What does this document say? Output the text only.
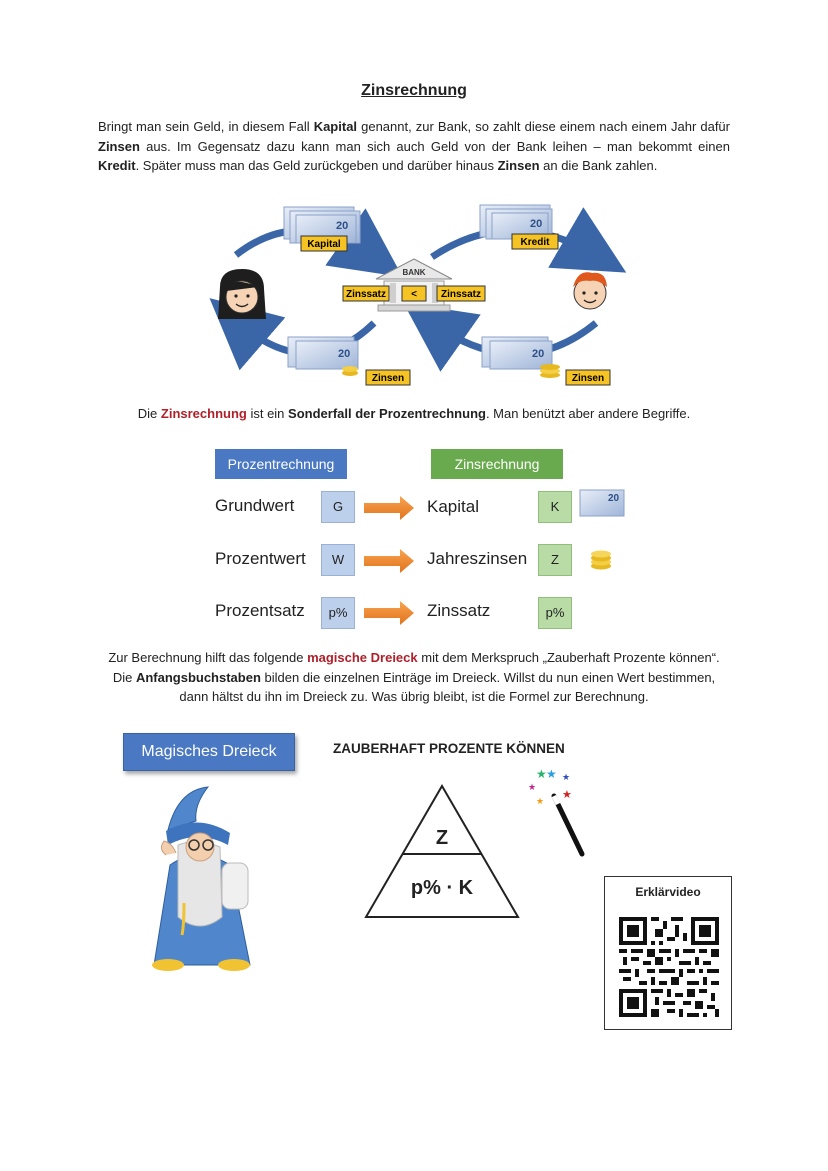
Zinsrechnung
Bringt man sein Geld, in diesem Fall Kapital genannt, zur Bank, so zahlt diese einem nach einem Jahr dafür Zinsen aus. Im Gegensatz dazu kann man sich auch Geld von der Bank leihen – man bekommt einen Kredit. Später muss man das Geld zurückgeben und darüber hinaus Zinsen an die Bank zahlen.
20
Kapital
20
Kredit
20
Zinsen
20
Zinsen
BANK
Zinssatz	< Zinssatz
Die Zinsrechnung ist ein Sonderfall der Prozentrechnung. Man benützt aber andere Begriffe.
Prozentrechnung	Zinsrechnung
Grundwert	G	Kapital	K
Prozentwert	W	Jahreszinsen	Z
Prozentsatz	p%	Zinssatz	p%
20
Zur Berechnung hilft das folgende magische Dreieck mit dem Merkspruch „Zauberhaft Prozente können“. Die Anfangsbuchstaben bilden die einzelnen Einträge im Dreieck. Willst du nun einen Wert bestimmen, dann hältst du ihn im Dreieck zu. Was übrig bleibt, ist die Formel zur Berechnung.
Magisches Dreieck	ZAUBERHAFT PROZENTE KÖNNEN
Z
p% · K
★ ★ ★
★ ★
★
Erklärvideo
